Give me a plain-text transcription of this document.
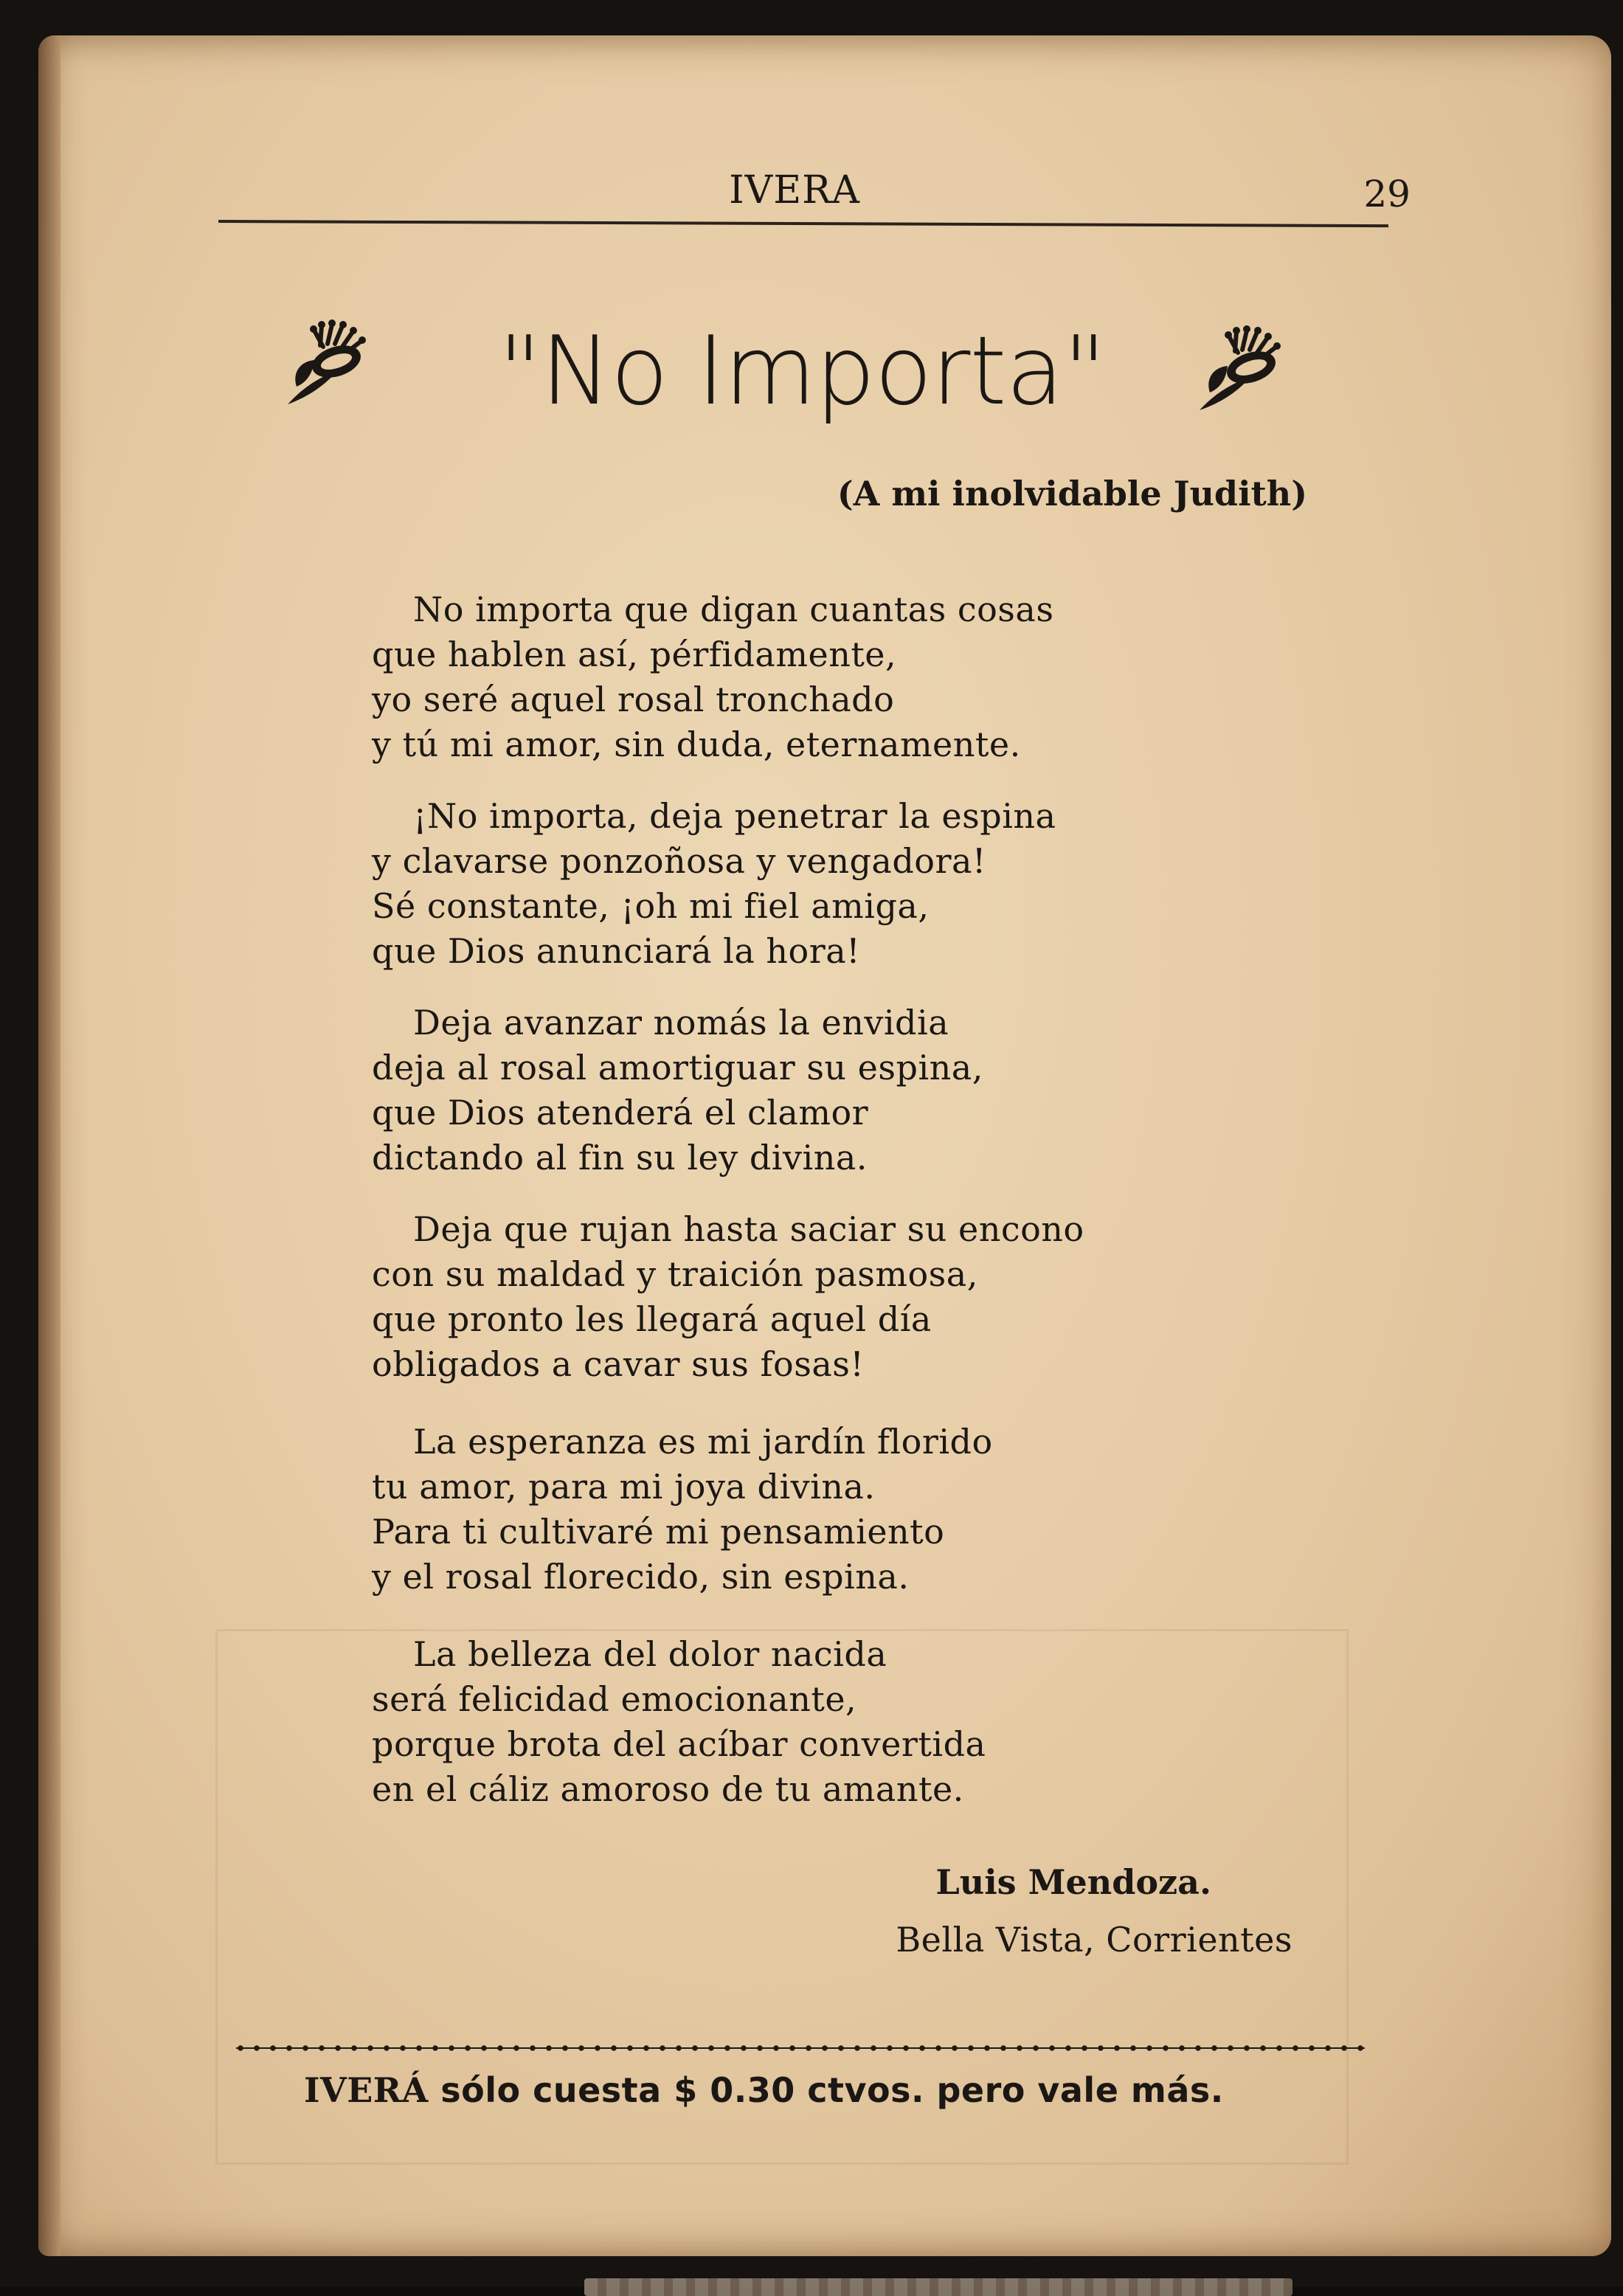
IVERA	29
"No Importa"
(A mi inolvidable Judith)
No importa que digan cuantas cosas
que hablen así, pérfidamente,
yo seré aquel rosal tronchado
y tú mi amor, sin duda, eternamente.
¡No importa, deja penetrar la espina
y clavarse ponzoñosa y vengadora!
Sé constante, ¡oh mi fiel amiga,
que Dios anunciará la hora!
Deja avanzar nomás la envidia
deja al rosal amortiguar su espina,
que Dios atenderá el clamor
dictando al fin su ley divina.
Deja que rujan hasta saciar su encono
con su maldad y traición pasmosa,
que pronto les llegará aquel día
obligados a cavar sus fosas!
La esperanza es mi jardín florido
tu amor, para mi joya divina.
Para ti cultivaré mi pensamiento
y el rosal florecido, sin espina.
La belleza del dolor nacida
será felicidad emocionante,
porque brota del acíbar convertida
en el cáliz amoroso de tu amante.
Luis Mendoza.
Bella Vista, Corrientes
IVERÁ sólo cuesta $ 0.30 ctvos. pero vale más.
